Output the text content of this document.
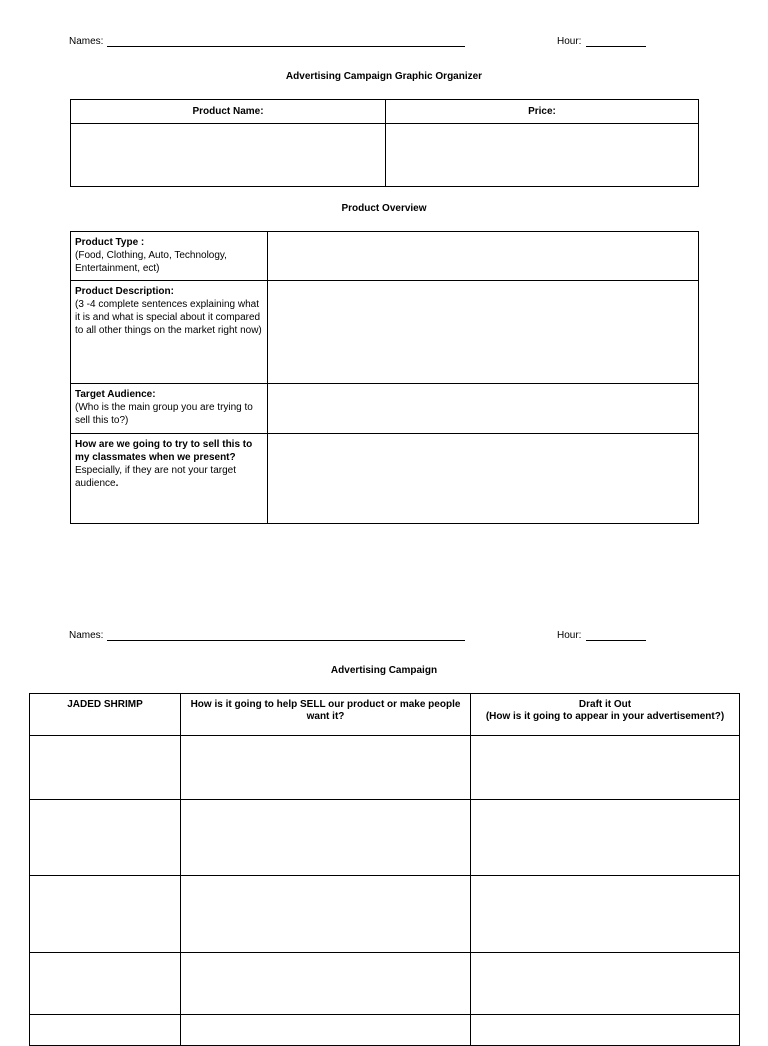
Names:	Hour:
Advertising Campaign Graphic Organizer
Product Name:	Price:

Product Overview
Product Type :
(Food, Clothing, Auto, Technology, Entertainment, ect)	
Product Description:
(3 -4 complete sentences explaining what it is and what is special about it compared to all other things on the market right now)	
Target Audience:
(Who is the main group you are trying to sell this to?)	
How are we going to try to sell this to my classmates when we present? Especially, if they are not your target audience.	
Names:	Hour:
Advertising Campaign
JADED SHRIMP	How is it going to help SELL our product or make people want it?	Draft it Out
(How is it going to appear in your advertisement?)
